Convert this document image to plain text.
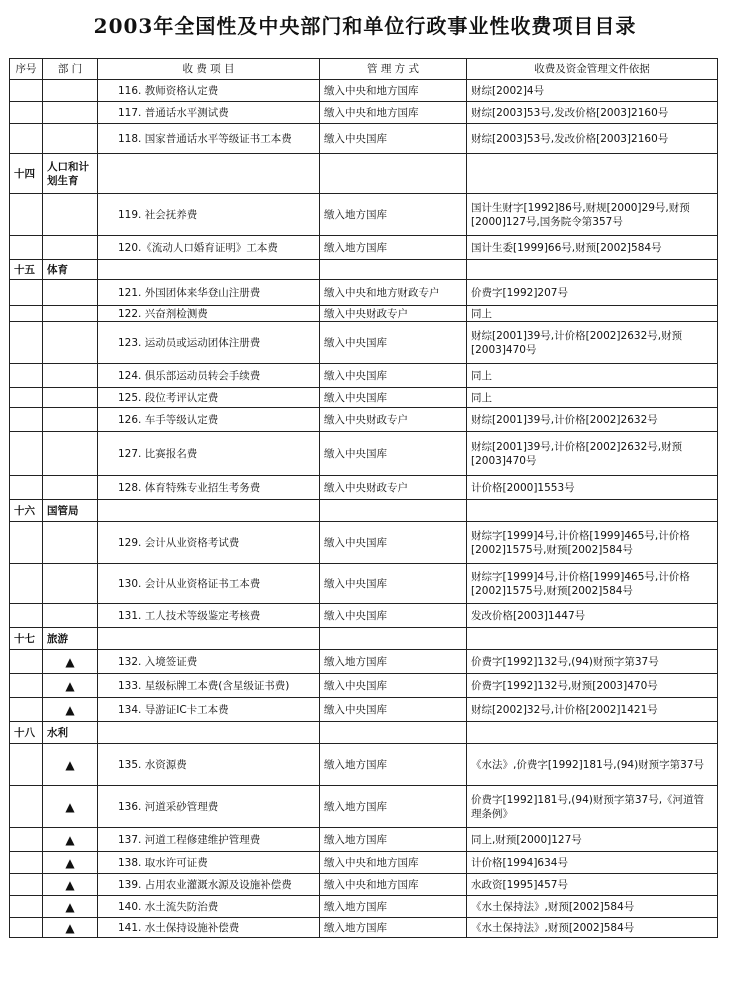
2003年全国性及中央部门和单位行政事业性收费项目目录
序号	部 门	收 费 项 目	管 理 方 式	收费及资金管理文件依据
		116. 教师资格认定费	缴入中央和地方国库	财综[2002]4号
		117. 普通话水平测试费	缴入中央和地方国库	财综[2003]53号,发改价格[2003]2160号
		118. 国家普通话水平等级证书工本费	缴入中央国库	财综[2003]53号,发改价格[2003]2160号
十四	人口和计划生育			
		119. 社会抚养费	缴入地方国库	国计生财字[1992]86号,财规[2000]29号,财预[2000]127号,国务院令第357号
		120.《流动人口婚育证明》工本费	缴入地方国库	国计生委[1999]66号,财预[2002]584号
十五	体育			
		121. 外国团体来华登山注册费	缴入中央和地方财政专户	价费字[1992]207号
		122. 兴奋剂检测费	缴入中央财政专户	同上
		123. 运动员或运动团体注册费	缴入中央国库	财综[2001]39号,计价格[2002]2632号,财预[2003]470号
		124. 俱乐部运动员转会手续费	缴入中央国库	同上
		125. 段位考评认定费	缴入中央国库	同上
		126. 车手等级认定费	缴入中央财政专户	财综[2001]39号,计价格[2002]2632号
		127. 比赛报名费	缴入中央国库	财综[2001]39号,计价格[2002]2632号,财预[2003]470号
		128. 体育特殊专业招生考务费	缴入中央财政专户	计价格[2000]1553号
十六	国管局			
		129. 会计从业资格考试费	缴入中央国库	财综字[1999]4号,计价格[1999]465号,计价格[2002]1575号,财预[2002]584号
		130. 会计从业资格证书工本费	缴入中央国库	财综字[1999]4号,计价格[1999]465号,计价格[2002]1575号,财预[2002]584号
		131. 工人技术等级鉴定考核费	缴入中央国库	发改价格[2003]1447号
十七	旅游			
	▲	132. 入境签证费	缴入地方国库	价费字[1992]132号,(94)财预字第37号
	▲	133. 星级标牌工本费(含星级证书费)	缴入中央国库	价费字[1992]132号,财预[2003]470号
	▲	134. 导游证IC卡工本费	缴入中央国库	财综[2002]32号,计价格[2002]1421号
十八	水利			
	▲	135. 水资源费	缴入地方国库	《水法》,价费字[1992]181号,(94)财预字第37号
	▲	136. 河道采砂管理费	缴入地方国库	价费字[1992]181号,(94)财预字第37号,《河道管理条例》
	▲	137. 河道工程修建维护管理费	缴入地方国库	同上,财预[2000]127号
	▲	138. 取水许可证费	缴入中央和地方国库	计价格[1994]634号
	▲	139. 占用农业灌溉水源及设施补偿费	缴入中央和地方国库	水政资[1995]457号
	▲	140. 水土流失防治费	缴入地方国库	《水土保持法》,财预[2002]584号
	▲	141. 水土保持设施补偿费	缴入地方国库	《水土保持法》,财预[2002]584号
